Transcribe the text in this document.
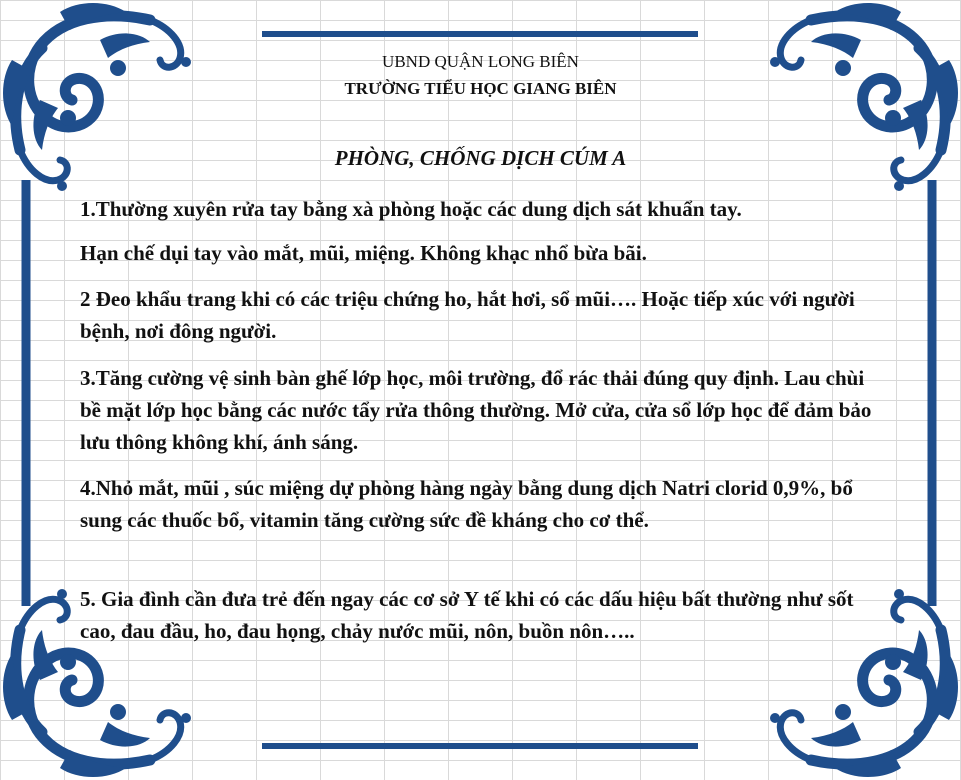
UBND QUẬN LONG BIÊN
TRƯỜNG TIỂU HỌC GIANG BIÊN
PHÒNG, CHỐNG DỊCH CÚM A

1.Thường xuyên rửa tay bằng xà phòng hoặc các dung dịch sát khuẩn tay.

Hạn chế dụi tay vào mắt, mũi, miệng. Không khạc nhổ bừa bãi.

2 Đeo khẩu trang khi có các triệu chứng ho, hắt hơi, sổ mũi…. Hoặc tiếp xúc với người bệnh, nơi đông người.

3.Tăng cường vệ sinh bàn ghế lớp học, môi trường, đổ rác thải đúng quy định. Lau chùi bề mặt lớp học bằng các nước tẩy rửa thông thường. Mở cửa, cửa sổ lớp học để đảm bảo lưu thông không khí, ánh sáng.

4.Nhỏ mắt, mũi , súc miệng dự phòng hàng ngày bằng dung dịch Natri clorid 0,9%, bổ sung các thuốc bổ, vitamin tăng cường sức đề kháng cho cơ thể.

5. Gia đình cần đưa trẻ đến ngay các cơ sở Y tế khi có các dấu hiệu bất thường như sốt cao, đau đầu, ho, đau họng, chảy nước mũi, nôn, buồn nôn…..
